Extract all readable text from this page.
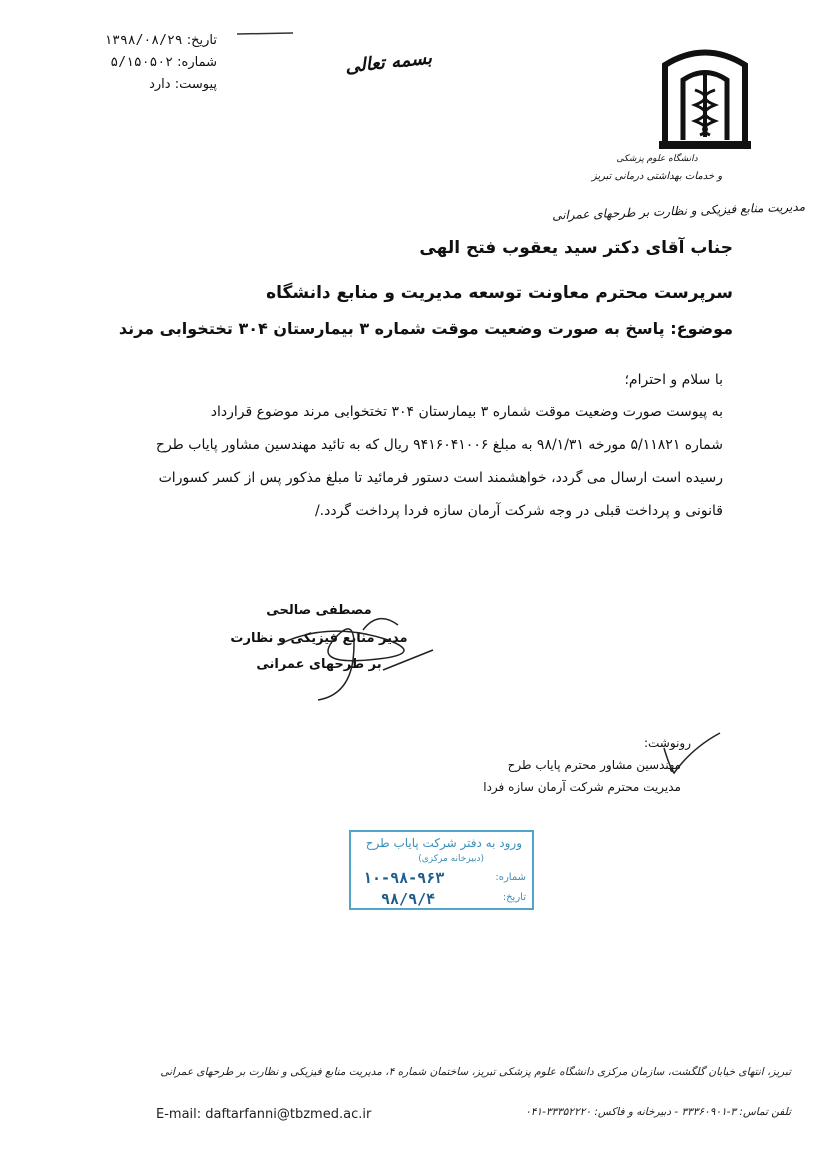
تاریخ: ۱۳۹۸/۰۸/۲۹
شماره: ۵/۱۵۰۵۰۲
پیوست: دارد
بسمه تعالی
دانشگاه علوم پزشکی
و خدمات بهداشتی درمانی تبریز
مدیریت منابع فیزیکی و نظارت بر طرحهای عمرانی
جناب آقای دکتر سید یعقوب فتح الهی
سرپرست محترم معاونت توسعه مدیریت و منابع دانشگاه
موضوع: پاسخ به صورت وضعیت موقت شماره ۳ بیمارستان ۳۰۴ تختخوابی مرند
با سلام و احترام؛
به پیوست صورت وضعیت موقت شماره ۳ بیمارستان ۳۰۴ تختخوابی مرند موضوع قرارداد
شماره ۵/۱۱۸۲۱ مورخه ۹۸/۱/۳۱ به مبلغ ۹۴۱۶۰۴۱۰۰۶ ریال که به تائید مهندسین مشاور پایاب طرح
رسیده است ارسال می گردد، خواهشمند است دستور فرمائید تا مبلغ مذکور پس از کسر کسورات
قانونی و پرداخت قبلی در وجه شرکت آرمان سازه فردا پرداخت گردد./
مصطفی صالحی
مدیر منابع فیزیکی و نظارت
بر طرحهای عمرانی
رونوشت:
مهندسین مشاور محترم پایاب طرح
مدیریت محترم شرکت آرمان سازه فردا
ورود به دفتر شرکت پایاب طرح
(دبیرخانه مرکزی)
شماره:
۱۰-۹۸-۹۶۳
تاریخ:
۹۸/۹/۴
تبریز، انتهای خیابان گلگشت، سازمان مرکزی دانشگاه علوم پزشکی تبریز، ساختمان شماره ۴، مدیریت منابع فیزیکی و نظارت بر طرحهای عمرانی
تلفن تماس: ۳-۳۳۳۶۰۹۰۱ - دبیرخانه و فاکس: ۳۳۳۵۲۲۲۰-۰۴۱
E-mail: daftarfanni@tbzmed.ac.ir
